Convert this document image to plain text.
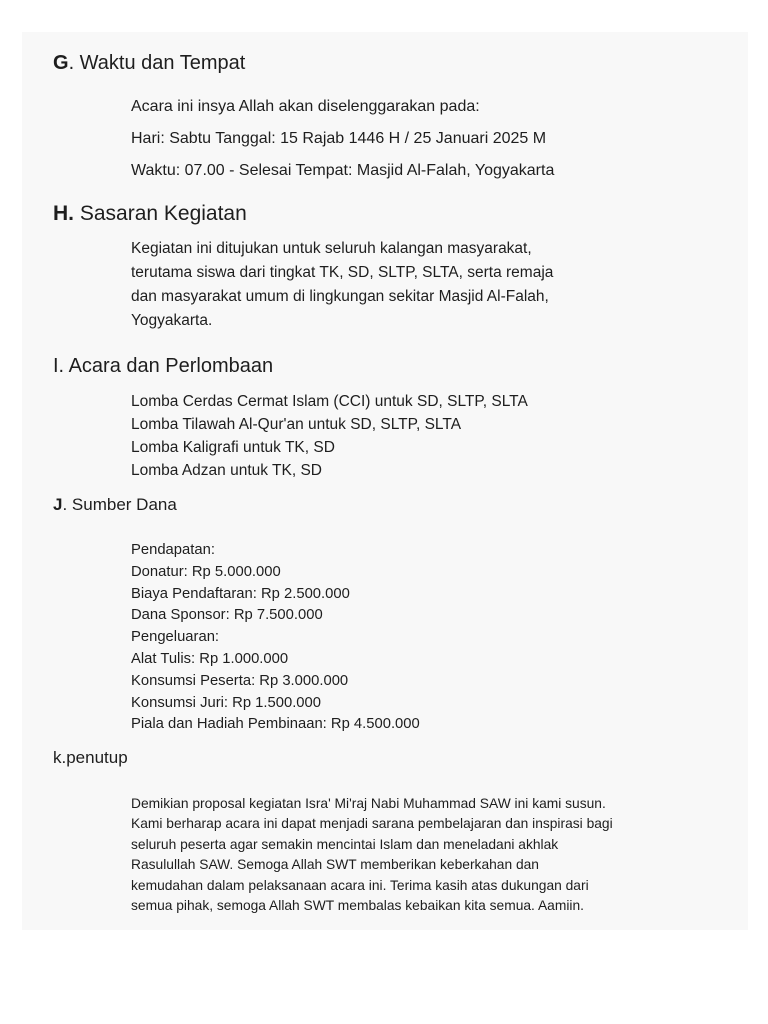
G. Waktu dan Tempat
Acara ini insya Allah akan diselenggarakan pada:
Hari: Sabtu Tanggal: 15 Rajab 1446 H / 25 Januari 2025 M
Waktu: 07.00 - Selesai Tempat: Masjid Al-Falah, Yogyakarta
H. Sasaran Kegiatan
Kegiatan ini ditujukan untuk seluruh kalangan masyarakat,
terutama siswa dari tingkat TK, SD, SLTP, SLTA, serta remaja
dan masyarakat umum di lingkungan sekitar Masjid Al-Falah,
Yogyakarta.
I. Acara dan Perlombaan
Lomba Cerdas Cermat Islam (CCI) untuk SD, SLTP, SLTA
Lomba Tilawah Al-Qur'an untuk SD, SLTP, SLTA
Lomba Kaligrafi untuk TK, SD
Lomba Adzan untuk TK, SD
J. Sumber Dana
Pendapatan:
Donatur: Rp 5.000.000
Biaya Pendaftaran: Rp 2.500.000
Dana Sponsor: Rp 7.500.000
Pengeluaran:
Alat Tulis: Rp 1.000.000
Konsumsi Peserta: Rp 3.000.000
Konsumsi Juri: Rp 1.500.000
Piala dan Hadiah Pembinaan: Rp 4.500.000
k.penutup
Demikian proposal kegiatan Isra' Mi'raj Nabi Muhammad SAW ini kami susun.
Kami berharap acara ini dapat menjadi sarana pembelajaran dan inspirasi bagi
seluruh peserta agar semakin mencintai Islam dan meneladani akhlak
Rasulullah SAW. Semoga Allah SWT memberikan keberkahan dan
kemudahan dalam pelaksanaan acara ini. Terima kasih atas dukungan dari
semua pihak, semoga Allah SWT membalas kebaikan kita semua. Aamiin.
